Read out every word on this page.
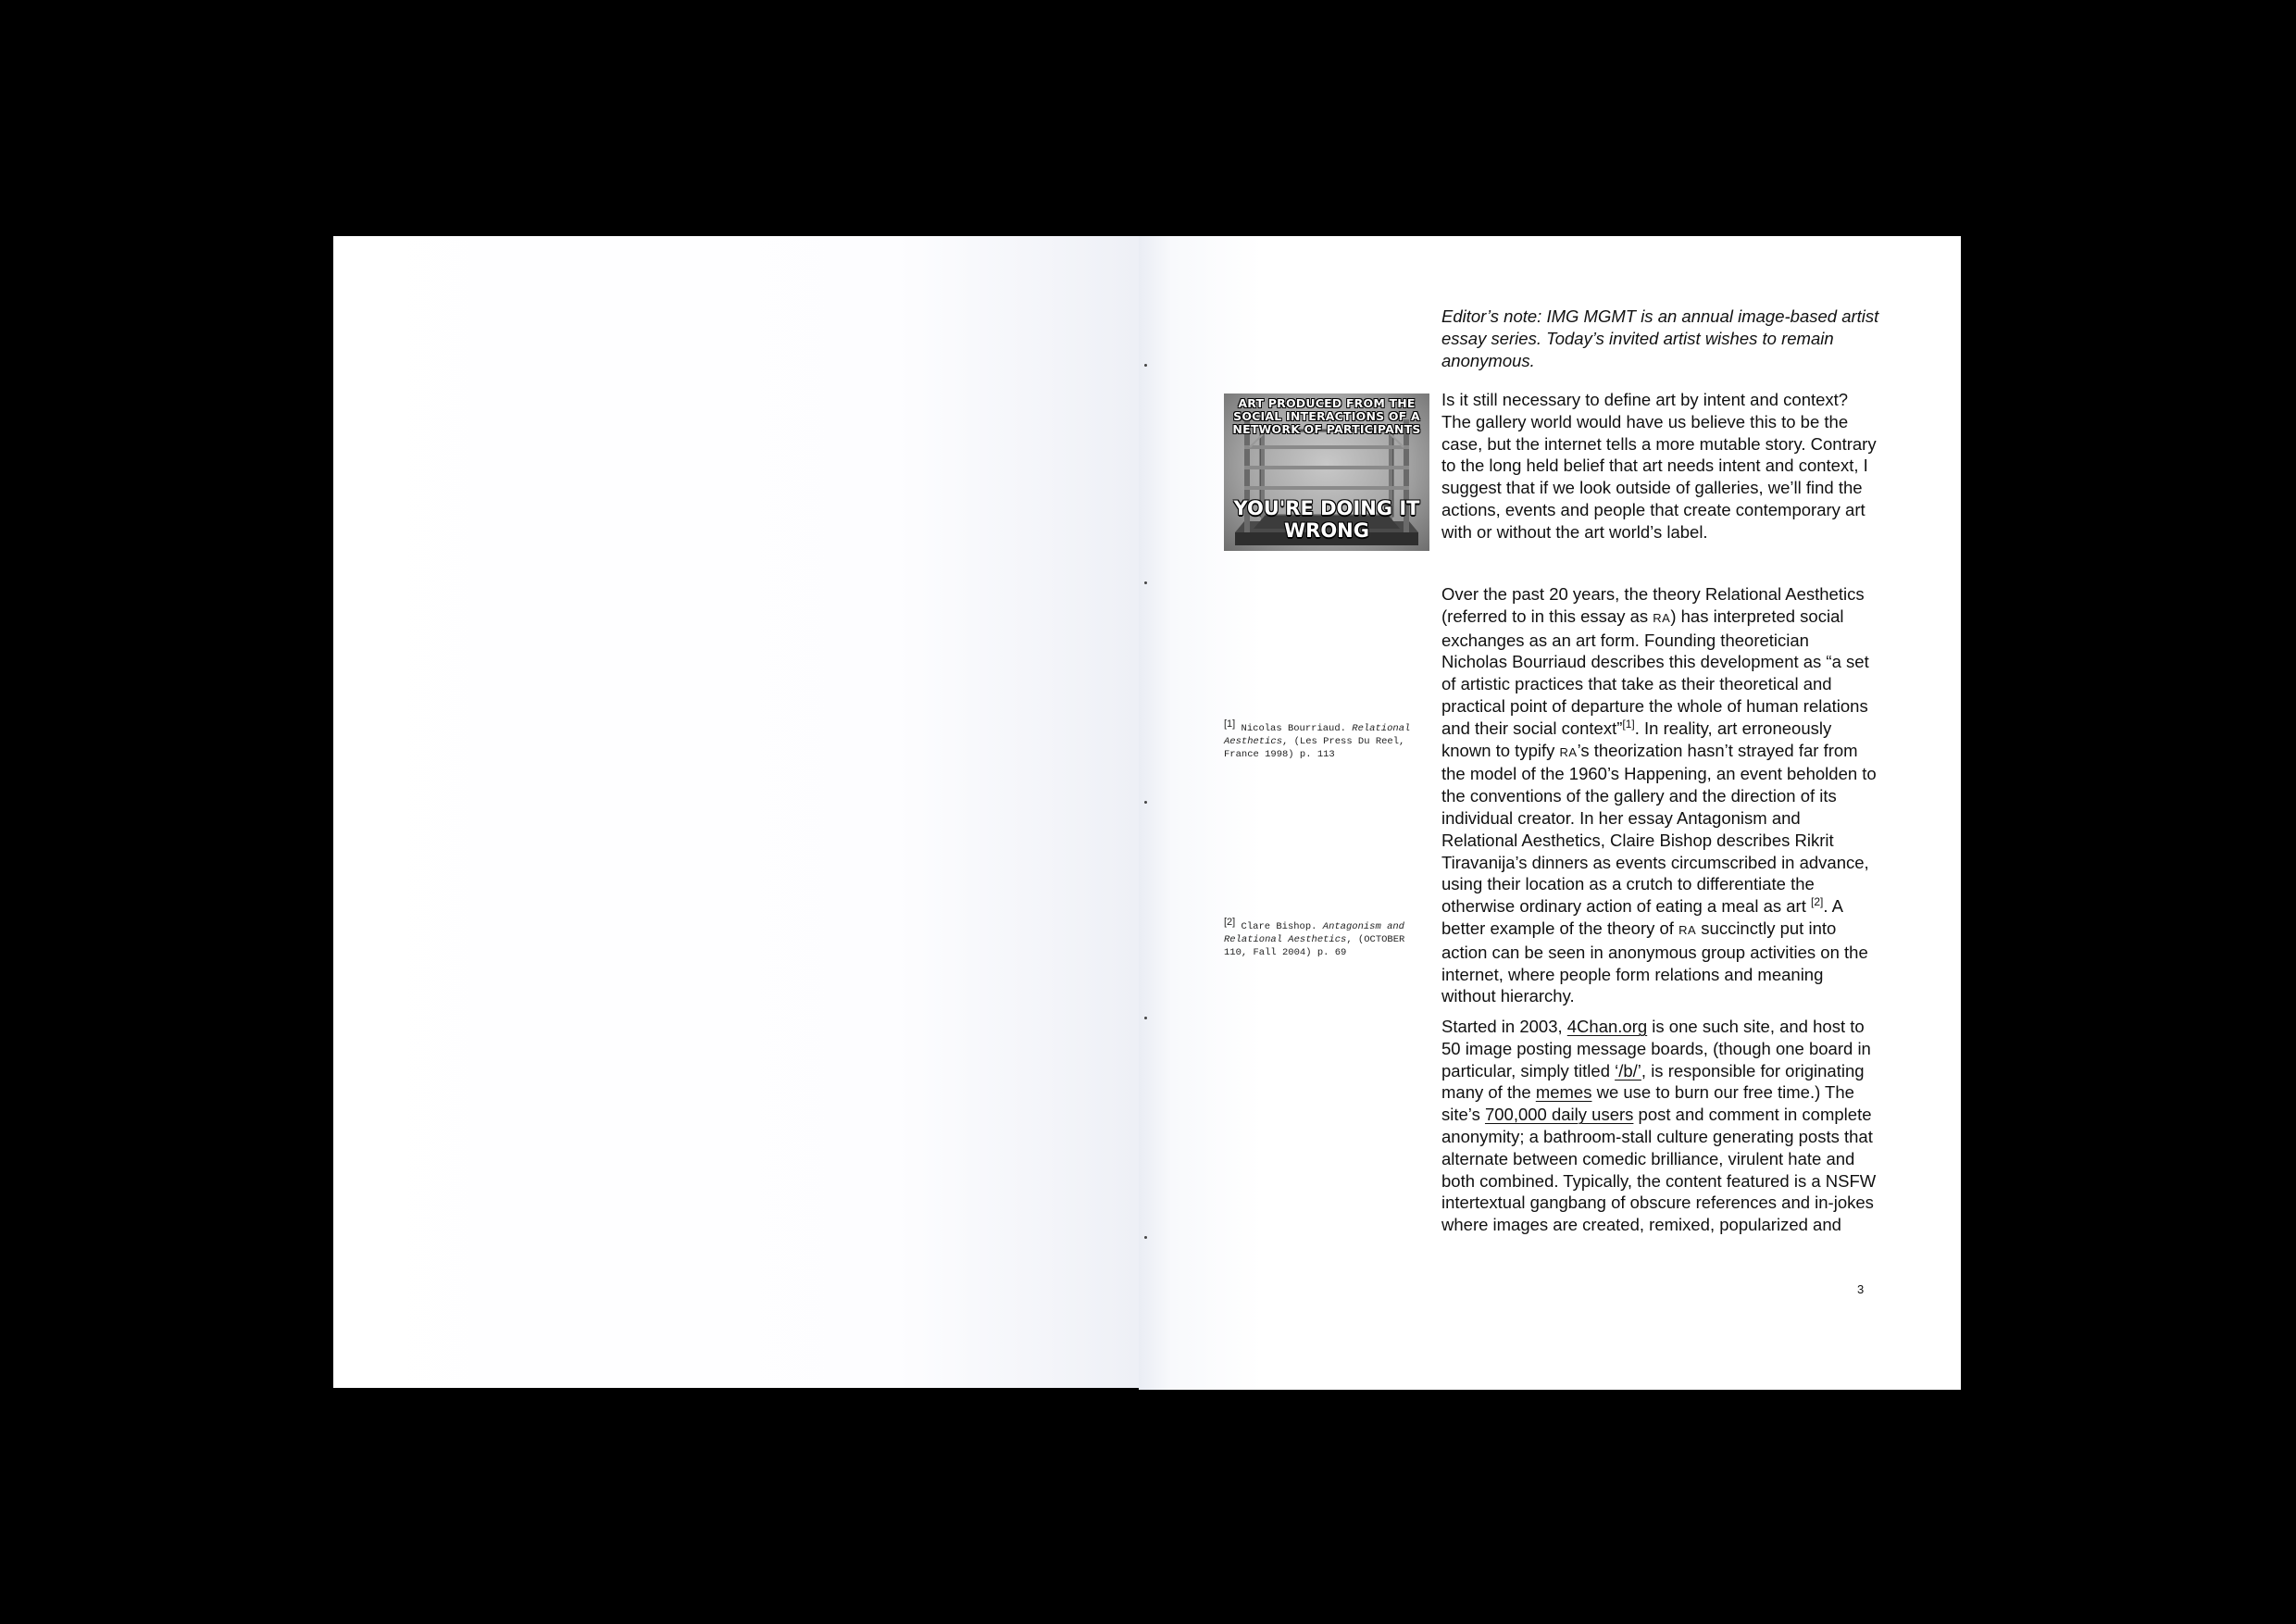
Editor’s note: IMG MGMT is an annual image-based artist essay series. Today’s invited artist wishes to remain anonymous.
ART PRODUCED FROM THE SOCIAL INTERACTIONS OF A NETWORK OF PARTICIPANTS
YOU'RE DOING IT WRONG
[1] Nicolas Bourriaud. Relational Aesthetics, (Les Press Du Reel, France 1998) p. 113
[2] Clare Bishop. Antagonism and Relational Aesthetics, (OCTOBER 110, Fall 2004) p. 69

Is it still necessary to define art by intent and context? The gallery world would have us believe this to be the case, but the internet tells a more mutable story. Contrary to the long held belief that art needs intent and context, I suggest that if we look outside of galleries, we’ll find the actions, events and people that create contemporary art with or without the art world’s label.

Over the past 20 years, the theory Relational Aesthetics (referred to in this essay as RA) has interpreted social exchanges as an art form. Founding theoretician Nicholas Bourriaud describes this development as “a set of artistic practices that take as their theoretical and practical point of departure the whole of human relations and their social context”[1]. In reality, art erroneously known to typify RA’s theorization hasn’t strayed far from the model of the 1960’s Happening, an event beholden to the conventions of the gallery and the direction of its individual creator. In her essay Antagonism and Relational Aesthetics, Claire Bishop describes Rikrit Tiravanija’s dinners as events circumscribed in advance, using their location as a crutch to differentiate the otherwise ordinary action of eating a meal as art [2]. A better example of the theory of RA succinctly put into action can be seen in anonymous group activities on the internet, where people form relations and meaning without hierarchy.

Started in 2003, 4Chan.org is one such site, and host to 50 image posting message boards, (though one board in particular, simply titled ‘/b/’, is responsible for originating many of the memes we use to burn our free time.) The site’s 700,000 daily users post and comment in complete anonymity; a bathroom-stall culture generating posts that alternate between comedic brilliance, virulent hate and both combined. Typically, the content featured is a NSFW intertextual gangbang of obscure references and in-jokes where images are created, remixed, popularized and

3
